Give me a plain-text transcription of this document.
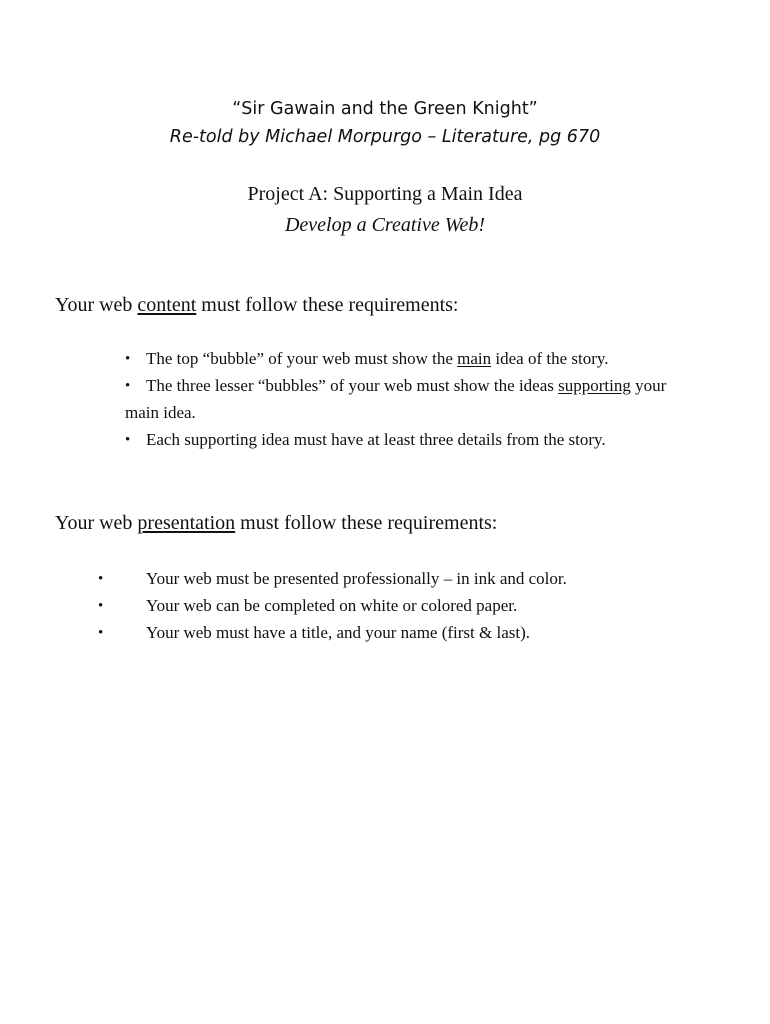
“Sir Gawain and the Green Knight”
Re-told by Michael Morpurgo – Literature, pg 670
Project A: Supporting a Main Idea
Develop a Creative Web!
Your web content must follow these requirements:
• The top “bubble” of your web must show the main idea of the story.
• The three lesser “bubbles” of your web must show the ideas supporting your
main idea.
• Each supporting idea must have at least three details from the story.
Your web presentation must follow these requirements:
•	Your web must be presented professionally – in ink and color.
•	Your web can be completed on white or colored paper.
•	Your web must have a title, and your name (first & last).
